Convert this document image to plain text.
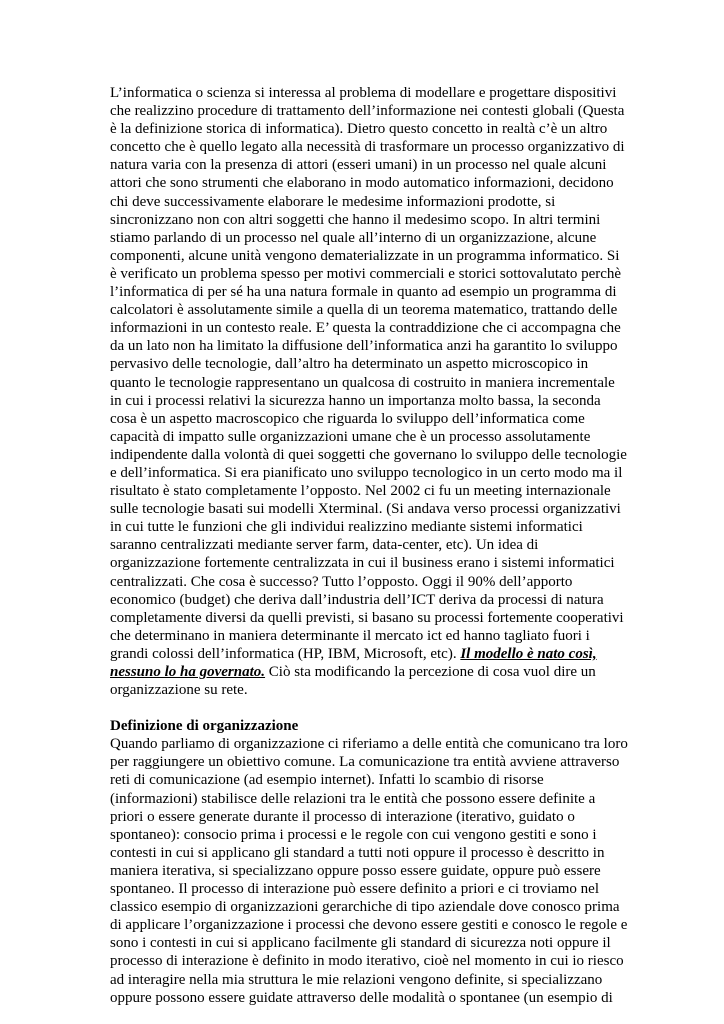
L’informatica o scienza si interessa al problema di modellare e progettare dispositivi
che realizzino procedure di trattamento dell’informazione nei contesti globali (Questa
è la definizione storica di informatica). Dietro questo concetto in realtà c’è un altro
concetto che è quello legato alla necessità di trasformare un processo organizzativo di
natura varia con la presenza di attori (esseri umani) in un processo nel quale alcuni
attori che sono strumenti che elaborano in modo automatico informazioni, decidono
chi deve successivamente elaborare le medesime informazioni prodotte, si
sincronizzano non con altri soggetti che hanno il medesimo scopo. In altri termini
stiamo parlando di un processo nel quale all’interno di un organizzazione, alcune
componenti, alcune unità vengono dematerializzate in un programma informatico. Si
è verificato un problema spesso per motivi commerciali e storici sottovalutato perchè
l’informatica di per sé ha una natura formale in quanto ad esempio un programma di
calcolatori è assolutamente simile a quella di un teorema matematico, trattando delle
informazioni in un contesto reale. E’ questa la contraddizione che ci accompagna che
da un lato non ha limitato la diffusione dell’informatica anzi ha garantito lo sviluppo
pervasivo delle tecnologie, dall’altro ha determinato un aspetto microscopico in
quanto le tecnologie rappresentano un qualcosa di costruito in maniera incrementale
in cui i processi relativi la sicurezza hanno un importanza molto bassa, la seconda
cosa è un aspetto macroscopico che riguarda lo sviluppo dell’informatica come
capacità di impatto sulle organizzazioni umane che è un processo assolutamente
indipendente dalla volontà di quei soggetti che governano lo sviluppo delle tecnologie
e dell’informatica. Si era pianificato uno sviluppo tecnologico in un certo modo ma il
risultato è stato completamente l’opposto. Nel 2002 ci fu un meeting internazionale
sulle tecnologie basati sui modelli Xterminal. (Si andava verso processi organizzativi
in cui tutte le funzioni che gli individui realizzino mediante sistemi informatici
saranno centralizzati mediante server farm, data-center, etc). Un idea di
organizzazione fortemente centralizzata in cui il business erano i sistemi informatici
centralizzati. Che cosa è successo? Tutto l’opposto. Oggi il 90% dell’apporto
economico (budget) che deriva dall’industria dell’ICT deriva da processi di natura
completamente diversi da quelli previsti, si basano su processi fortemente cooperativi
che determinano in maniera determinante il mercato ict ed hanno tagliato fuori i
grandi colossi dell’informatica (HP, IBM, Microsoft, etc). Il modello è nato così,
nessuno lo ha governato. Ciò sta modificando la percezione di cosa vuol dire un
organizzazione su rete.
Definizione di organizzazione
Quando parliamo di organizzazione ci riferiamo a delle entità che comunicano tra loro
per raggiungere un obiettivo comune. La comunicazione tra entità avviene attraverso
reti di comunicazione (ad esempio internet). Infatti lo scambio di risorse
(informazioni) stabilisce delle relazioni tra le entità che possono essere definite a
priori o essere generate durante il processo di interazione (iterativo, guidato o
spontaneo): consocio prima i processi e le regole con cui vengono gestiti e sono i
contesti in cui si applicano gli standard a tutti noti oppure il processo è descritto in
maniera iterativa, si specializzano oppure posso essere guidate, oppure può essere
spontaneo. Il processo di interazione può essere definito a priori e ci troviamo nel
classico esempio di organizzazioni gerarchiche di tipo aziendale dove conosco prima
di applicare l’organizzazione i processi che devono essere gestiti e conosco le regole e
sono i contesti in cui si applicano facilmente gli standard di sicurezza noti oppure il
processo di interazione è definito in modo iterativo, cioè nel momento in cui io riesco
ad interagire nella mia struttura le mie relazioni vengono definite, si specializzano
oppure possono essere guidate attraverso delle modalità o spontanee (un esempio di
